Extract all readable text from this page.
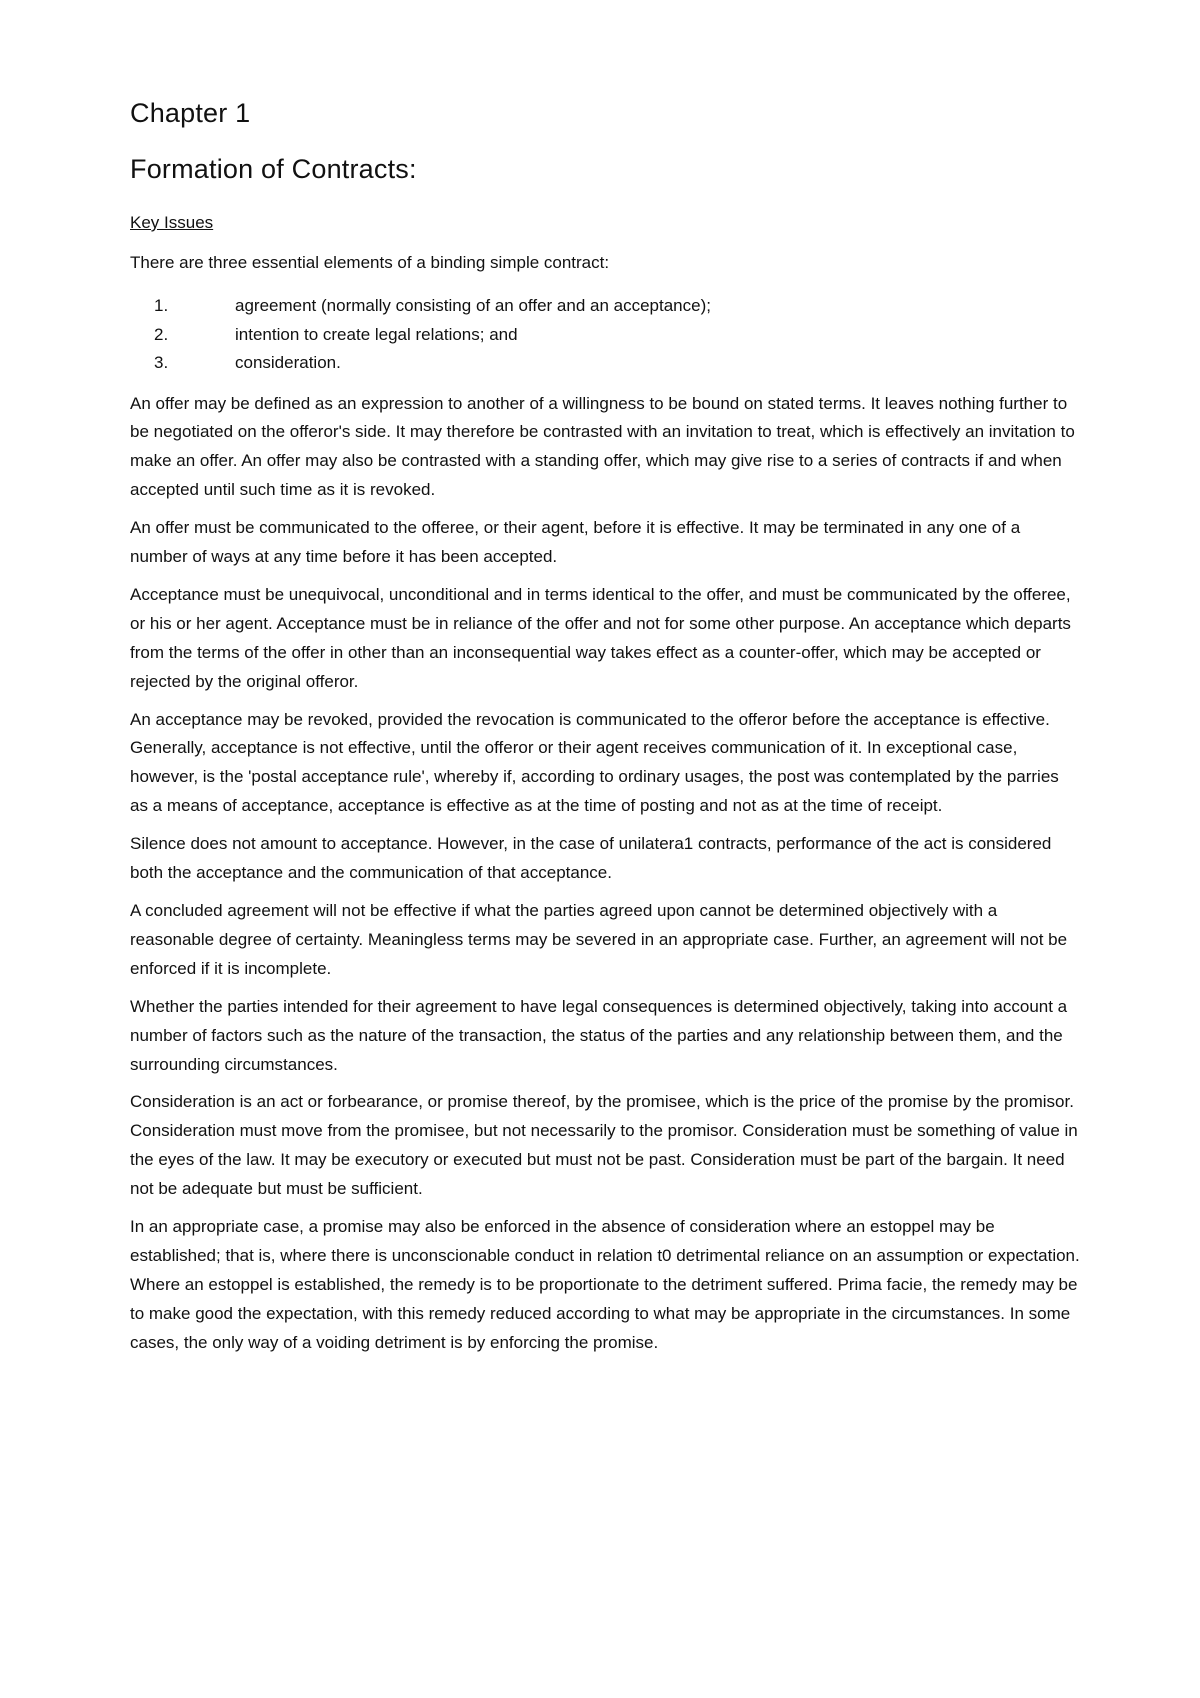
Chapter 1
Formation of Contracts:
Key Issues

There are three essential elements of a binding simple contract:

1.	agreement (normally consisting of an offer and an acceptance);
2.	intention to create legal relations; and
3.	consideration.

An offer may be defined as an expression to another of a willingness to be bound on stated terms. It leaves nothing further to be negotiated on the offeror's side. It may therefore be contrasted with an invitation to treat, which is effectively an invitation to make an offer. An offer may also be contrasted with a standing offer, which may give rise to a series of contracts if and when accepted until such time as it is revoked.

An offer must be communicated to the offeree, or their agent, before it is effective. It may be terminated in any one of a number of ways at any time before it has been accepted.

Acceptance must be unequivocal, unconditional and in terms identical to the offer, and must be communicated by the offeree, or his or her agent. Acceptance must be in reliance of the offer and not for some other purpose. An acceptance which departs from the terms of the offer in other than an inconsequential way takes effect as a counter-offer, which may be accepted or rejected by the original offeror.

An acceptance may be revoked, provided the revocation is communicated to the offeror before the acceptance is effective. Generally, acceptance is not effective, until the offeror or their agent receives communication of it. In exceptional case, however, is the 'postal acceptance rule', whereby if, according to ordinary usages, the post was contemplated by the parries as a means of acceptance, acceptance is effective as at the time of posting and not as at the time of receipt.

Silence does not amount to acceptance. However, in the case of unilatera1 contracts, performance of the act is considered both the acceptance and the communication of that acceptance.

A concluded agreement will not be effective if what the parties agreed upon cannot be determined objectively with a reasonable degree of certainty. Meaningless terms may be severed in an appropriate case. Further, an agreement will not be enforced if it is incomplete.

Whether the parties intended for their agreement to have legal consequences is determined objectively, taking into account a number of factors such as the nature of the transaction, the status of the parties and any relationship between them, and the surrounding circumstances.

Consideration is an act or forbearance, or promise thereof, by the promisee, which is the price of the promise by the promisor. Consideration must move from the promisee, but not necessarily to the promisor. Consideration must be something of value in the eyes of the law. It may be executory or executed but must not be past. Consideration must be part of the bargain. It need not be adequate but must be sufficient.

In an appropriate case, a promise may also be enforced in the absence of consideration where an estoppel may be established; that is, where there is unconscionable conduct in relation t0 detrimental reliance on an assumption or expectation. Where an estoppel is established, the remedy is to be proportionate to the detriment suffered. Prima facie, the remedy may be to make good the expectation, with this remedy reduced according to what may be appropriate in the circumstances. In some cases, the only way of a voiding detriment is by enforcing the promise.
